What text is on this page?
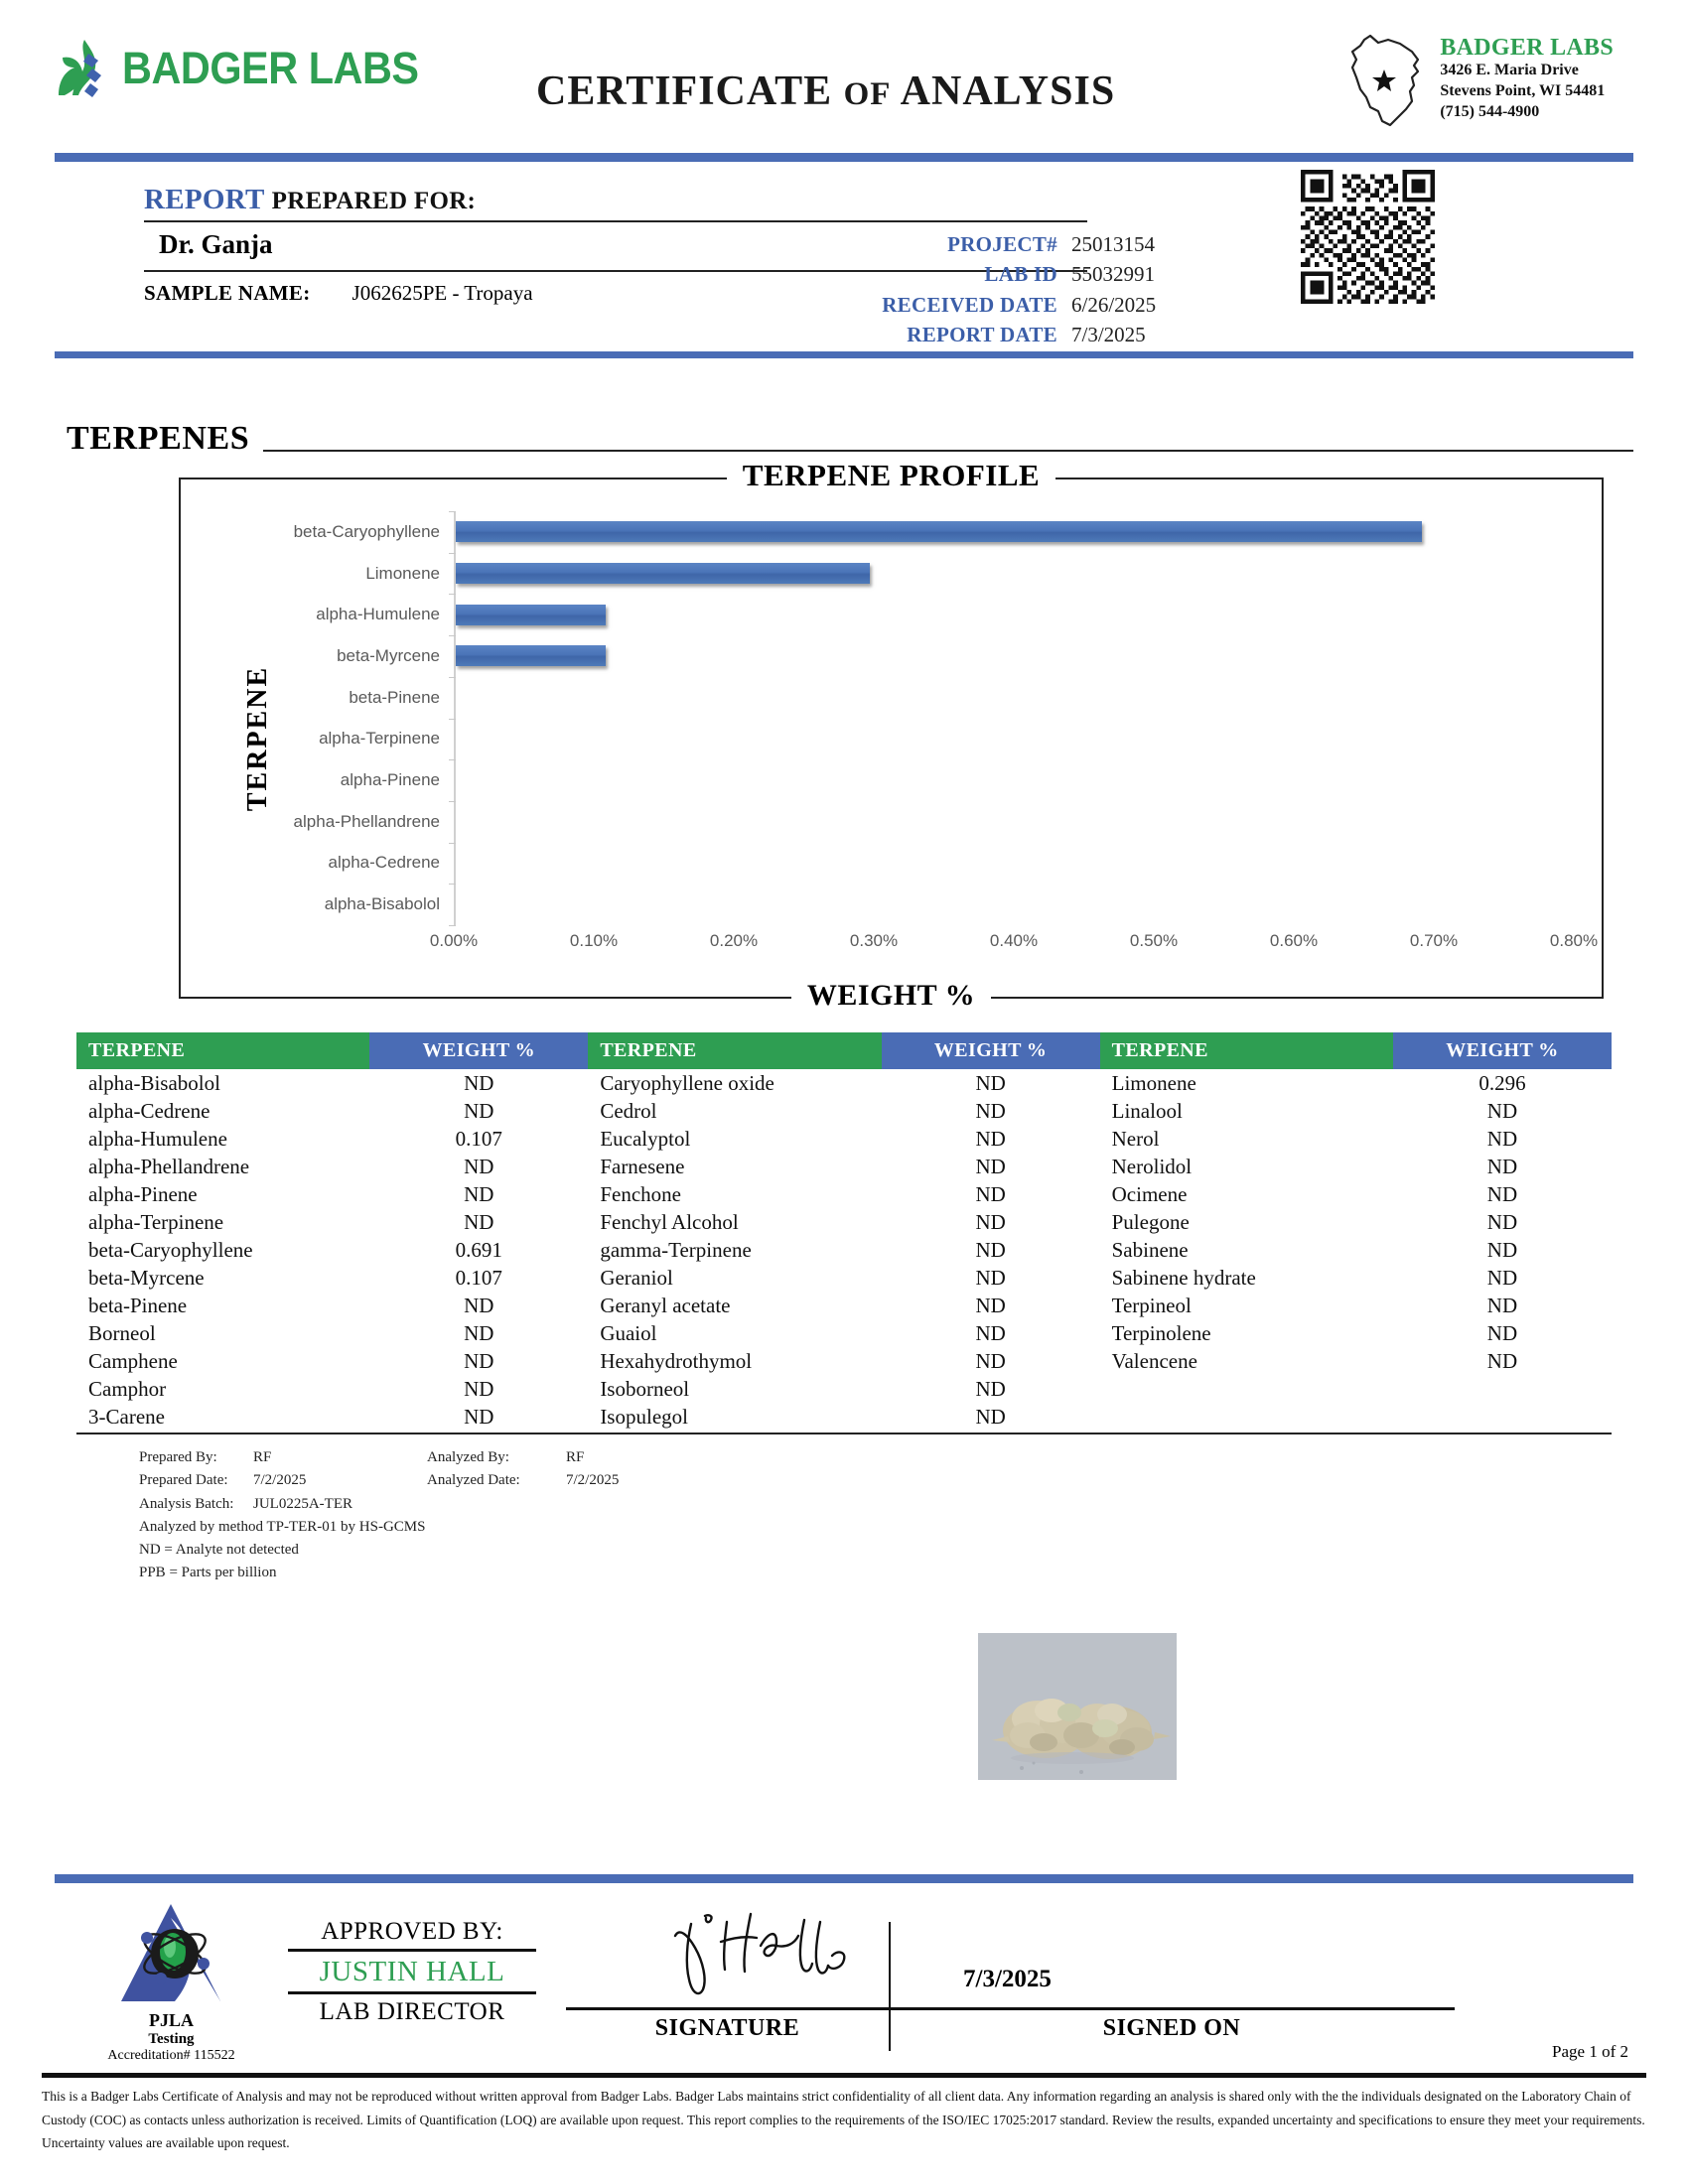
BADGER LABS	CERTIFICATE OF ANALYSIS
BADGER LABS
3426 E. Maria Drive
Stevens Point, WI 54481
(715) 544-4900
REPORT PREPARED FOR:
Dr. Ganja	PROJECT# 25013154
LAB ID 55032991
RECEIVED DATE 6/26/2025
REPORT DATE 7/3/2025
SAMPLE NAME:	J062625PE - Tropaya
TERPENES
TERPENE PROFILE
TERPENE
beta-Caryophyllene
Limonene
alpha-Humulene
beta-Myrcene
beta-Pinene
alpha-Terpinene
alpha-Pinene
alpha-Phellandrene
alpha-Cedrene
alpha-Bisabolol
0.00%	0.10%	0.20%	0.30%	0.40%	0.50%	0.60%	0.70%	0.80%
WEIGHT %
TERPENE	WEIGHT %	TERPENE	WEIGHT %	TERPENE	WEIGHT %
alpha-Bisabolol	ND	Caryophyllene oxide	ND	Limonene	0.296
alpha-Cedrene	ND	Cedrol	ND	Linalool	ND
alpha-Humulene	0.107	Eucalyptol	ND	Nerol	ND
alpha-Phellandrene	ND	Farnesene	ND	Nerolidol	ND
alpha-Pinene	ND	Fenchone	ND	Ocimene	ND
alpha-Terpinene	ND	Fenchyl Alcohol	ND	Pulegone	ND
beta-Caryophyllene	0.691	gamma-Terpinene	ND	Sabinene	ND
beta-Myrcene	0.107	Geraniol	ND	Sabinene hydrate	ND
beta-Pinene	ND	Geranyl acetate	ND	Terpineol	ND
Borneol	ND	Guaiol	ND	Terpinolene	ND
Camphene	ND	Hexahydrothymol	ND	Valencene	ND
Camphor	ND	Isoborneol	ND		
3-Carene	ND	Isopulegol	ND		
Prepared By:	RF	Analyzed By:	RF
Prepared Date:	7/2/2025	Analyzed Date:	7/2/2025
Analysis Batch:	JUL0225A-TER
Analyzed by method TP-TER-01 by HS-GCMS
ND = Analyte not detected
PPB = Parts per billion
PJLA
Testing
Accreditation# 115522
APPROVED BY:
JUSTIN HALL
LAB DIRECTOR
7/3/2025
SIGNATURE	SIGNED ON
Page 1 of 2
This is a Badger Labs Certificate of Analysis and may not be reproduced without written approval from Badger Labs. Badger Labs maintains strict confidentiality of all client data. Any information regarding an analysis is shared only with the the individuals designated on the Laboratory Chain of Custody (COC) as contacts unless authorization is received. Limits of Quantification (LOQ) are available upon request. This report complies to the requirements of the ISO/IEC 17025:2017 standard. Review the results, expanded uncertainty and specifications to ensure they meet your requirements. Uncertainty values are available upon request.
